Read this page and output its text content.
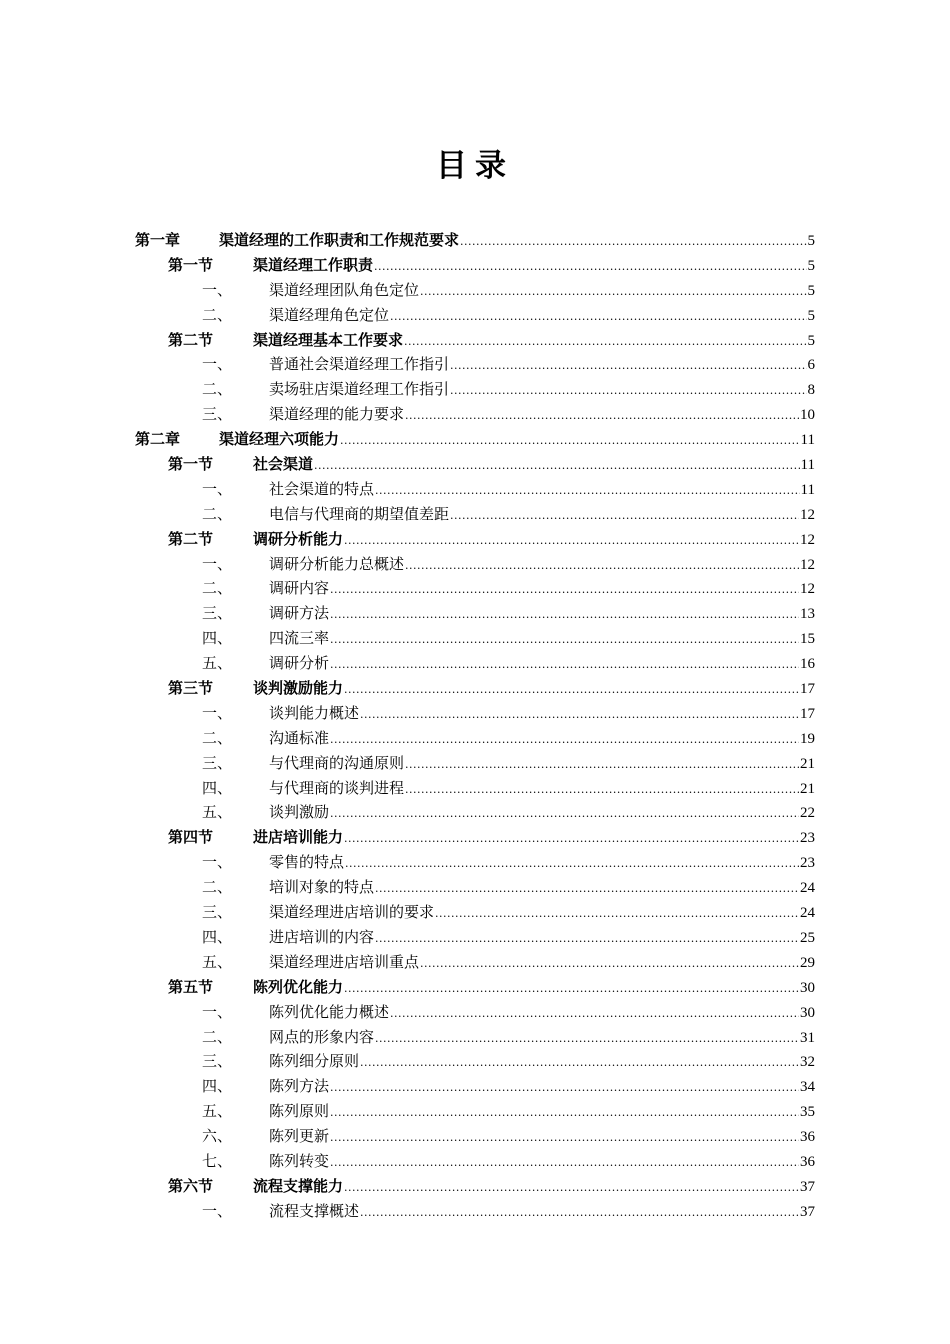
目录
第一章	渠道经理的工作职责和工作规范要求 .....	5
第一节	渠道经理工作职责 .....	5
一、 渠道经理团队角色定位 .....	5
二、 渠道经理角色定位 .....	5
第二节	渠道经理基本工作要求 .....	5
一、 普通社会渠道经理工作指引 .....	6
二、 卖场驻店渠道经理工作指引 .....	8
三、 渠道经理的能力要求 .....	10
第二章	渠道经理六项能力 .....	11
第一节	社会渠道 .....	11
一、 社会渠道的特点 .....	11
二、 电信与代理商的期望值差距 .....	12
第二节	调研分析能力 .....	12
一、 调研分析能力总概述 .....	12
二、 调研内容 .....	12
三、 调研方法 .....	13
四、 四流三率 .....	15
五、 调研分析 .....	16
第三节	谈判激励能力 .....	17
一、 谈判能力概述 .....	17
二、 沟通标准 .....	19
三、 与代理商的沟通原则 .....	21
四、 与代理商的谈判进程 .....	21
五、 谈判激励 .....	22
第四节	进店培训能力 .....	23
一、 零售的特点 .....	23
二、 培训对象的特点 .....	24
三、 渠道经理进店培训的要求 .....	24
四、 进店培训的内容 .....	25
五、 渠道经理进店培训重点 .....	29
第五节	陈列优化能力 .....	30
一、 陈列优化能力概述 .....	30
二、 网点的形象内容 .....	31
三、 陈列细分原则 .....	32
四、 陈列方法 .....	34
五、 陈列原则 .....	35
六、 陈列更新 .....	36
七、 陈列转变 .....	36
第六节	流程支撑能力 .....	37
一、 流程支撑概述 .....	37
